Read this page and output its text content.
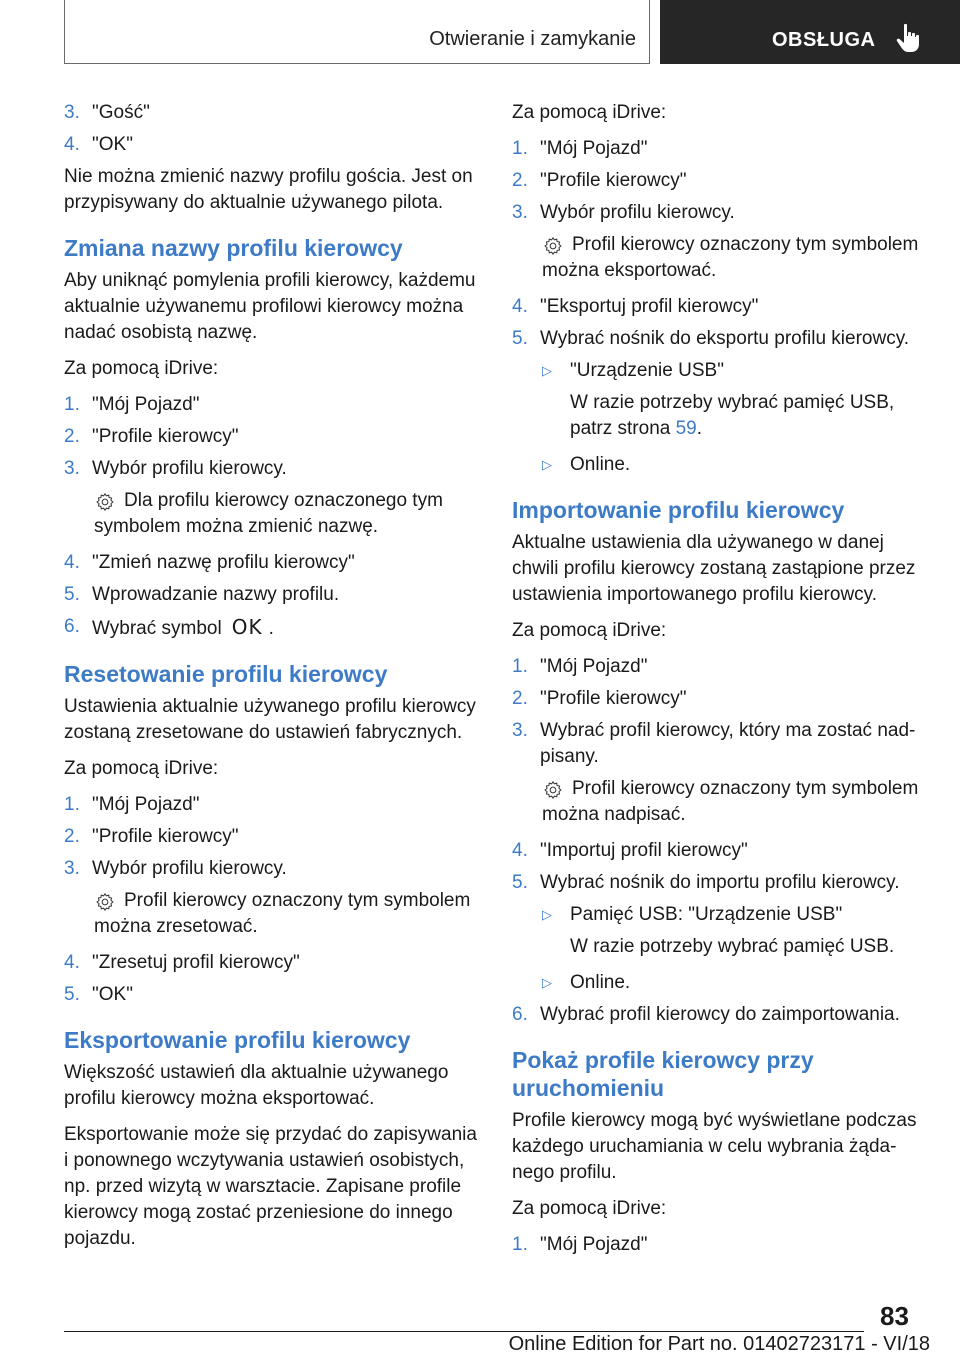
Otwieranie i zamykanie	OBSŁUGA
3. "Gość"
4. "OK"

Nie można zmienić nazwy profilu gościa. Jest on przypisywany do aktualnie używanego pilota.

Zmiana nazwy profilu kierowcy

Aby uniknąć pomylenia profili kierowcy, każdemu aktualnie używanemu profilowi kierowcy można nadać osobistą nazwę.

Za pomocą iDrive:

1. "Mój Pojazd"
2. "Profile kierowcy"
3. Wybór profilu kierowcy.
Dla profilu kierowcy oznaczonego tym symbolem można zmienić nazwę.
4. "Zmień nazwę profilu kierowcy"
5. Wprowadzanie nazwy profilu.
6. Wybrać symbol OK .
Resetowanie profilu kierowcy

Ustawienia aktualnie używanego profilu kierowcy zostaną zresetowane do ustawień fabrycznych.

Za pomocą iDrive:

1. "Mój Pojazd"
2. "Profile kierowcy"
3. Wybór profilu kierowcy.
Profil kierowcy oznaczony tym symbolem można zresetować.
4. "Zresetuj profil kierowcy"
5. "OK"
Eksportowanie profilu kierowcy

Większość ustawień dla aktualnie używanego profilu kierowcy można eksportować.

Eksportowanie może się przydać do zapisywania i ponownego wczytywania ustawień osobistych, np. przed wizytą w warsztacie. Zapisane profile kierowcy mogą zostać przeniesione do innego pojazdu.

Za pomocą iDrive:

1. "Mój Pojazd"
2. "Profile kierowcy"
3. Wybór profilu kierowcy.
Profil kierowcy oznaczony tym symbolem można eksportować.
4. "Eksportuj profil kierowcy"
5. Wybrać nośnik do eksportu profilu kierowcy.
▷ "Urządzenie USB"
W razie potrzeby wybrać pamięć USB, patrz strona 59.
▷ Online.
Importowanie profilu kierowcy

Aktualne ustawienia dla używanego w danej chwili profilu kierowcy zostaną zastąpione przez ustawienia importowanego profilu kierowcy.

Za pomocą iDrive:

1. "Mój Pojazd"
2. "Profile kierowcy"
3. Wybrać profil kierowcy, który ma zostać nadpisany.
Profil kierowcy oznaczony tym symbolem można nadpisać.
4. "Importuj profil kierowcy"
5. Wybrać nośnik do importu profilu kierowcy.
▷ Pamięć USB: "Urządzenie USB"
W razie potrzeby wybrać pamięć USB.
▷ Online.
6. Wybrać profil kierowcy do zaimportowania.
Pokaż profile kierowcy przy uruchomieniu

Profile kierowcy mogą być wyświetlane podczas każdego uruchamiania w celu wybrania żądanego profilu.

Za pomocą iDrive:

1. "Mój Pojazd"
83
Online Edition for Part no. 01402723171 - VI/18
